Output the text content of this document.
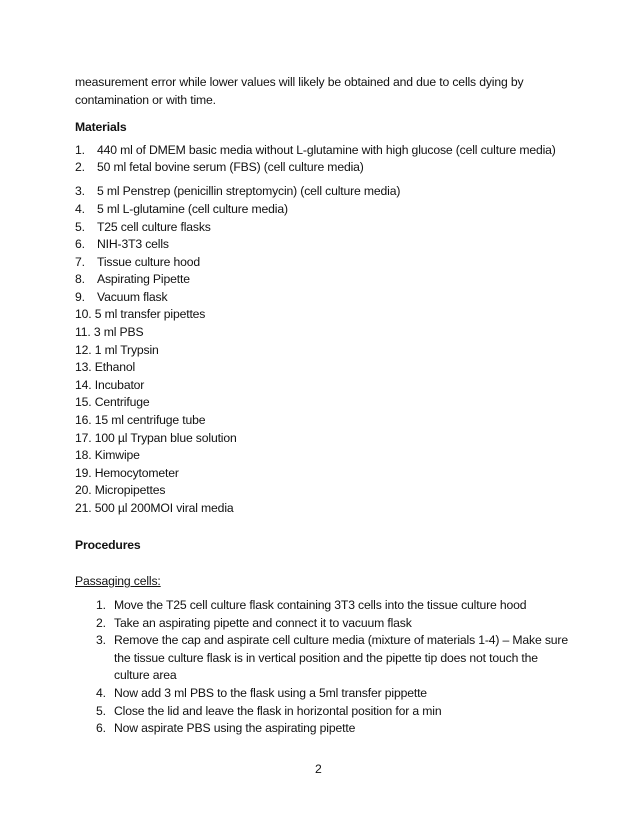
measurement error while lower values will likely be obtained and due to cells dying by
contamination or with time.
Materials
1. 440 ml of DMEM basic media without L-glutamine with high glucose (cell culture media)
2. 50 ml fetal bovine serum (FBS) (cell culture media)
3. 5 ml Penstrep (penicillin streptomycin) (cell culture media)
4. 5 ml L-glutamine (cell culture media)
5. T25 cell culture flasks
6. NIH-3T3 cells
7. Tissue culture hood
8. Aspirating Pipette
9. Vacuum flask
10. 5 ml transfer pipettes
11. 3 ml PBS
12. 1 ml Trypsin
13. Ethanol
14. Incubator
15. Centrifuge
16. 15 ml centrifuge tube
17. 100 µl Trypan blue solution
18. Kimwipe
19. Hemocytometer
20. Micropipettes
21. 500 µl 200MOI viral media
Procedures
Passaging cells:
1. Move the T25 cell culture flask containing 3T3 cells into the tissue culture hood
2. Take an aspirating pipette and connect it to vacuum flask
3. Remove the cap and aspirate cell culture media (mixture of materials 1-4) – Make sure
the tissue culture flask is in vertical position and the pipette tip does not touch the
culture area
4. Now add 3 ml PBS to the flask using a 5ml transfer pippette
5. Close the lid and leave the flask in horizontal position for a min
6. Now aspirate PBS using the aspirating pipette
2
